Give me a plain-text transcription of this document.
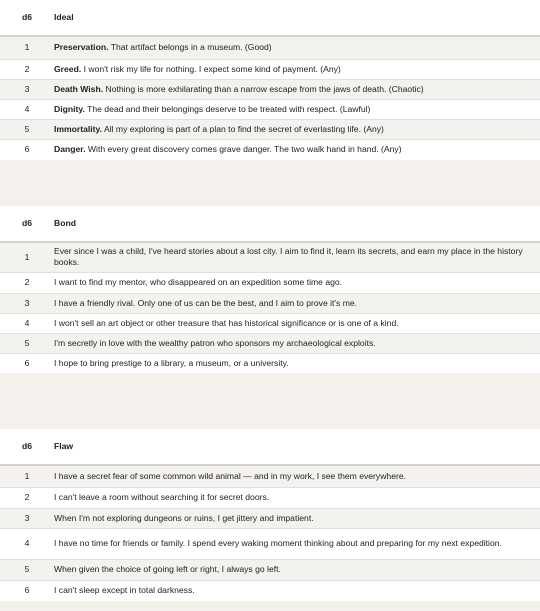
d6	Ideal
1	Preservation. That artifact belongs in a museum. (Good)
2	Greed. I won't risk my life for nothing. I expect some kind of payment. (Any)
3	Death Wish. Nothing is more exhilarating than a narrow escape from the jaws of death. (Chaotic)
4	Dignity. The dead and their belongings deserve to be treated with respect. (Lawful)
5	Immortality. All my exploring is part of a plan to find the secret of everlasting life. (Any)
6	Danger. With every great discovery comes grave danger. The two walk hand in hand. (Any)
d6	Bond
1	Ever since I was a child, I've heard stories about a lost city. I aim to find it, learn its secrets, and earn my place in the history books.
2	I want to find my mentor, who disappeared on an expedition some time ago.
3	I have a friendly rival. Only one of us can be the best, and I aim to prove it's me.
4	I won't sell an art object or other treasure that has historical significance or is one of a kind.
5	I'm secretly in love with the wealthy patron who sponsors my archaeological exploits.
6	I hope to bring prestige to a library, a museum, or a university.
d6	Flaw
1	I have a secret fear of some common wild animal — and in my work, I see them everywhere.
2	I can't leave a room without searching it for secret doors.
3	When I'm not exploring dungeons or ruins, I get jittery and impatient.
4	I have no time for friends or family. I spend every waking moment thinking about and preparing for my next expedition.
5	When given the choice of going left or right, I always go left.
6	I can't sleep except in total darkness.
